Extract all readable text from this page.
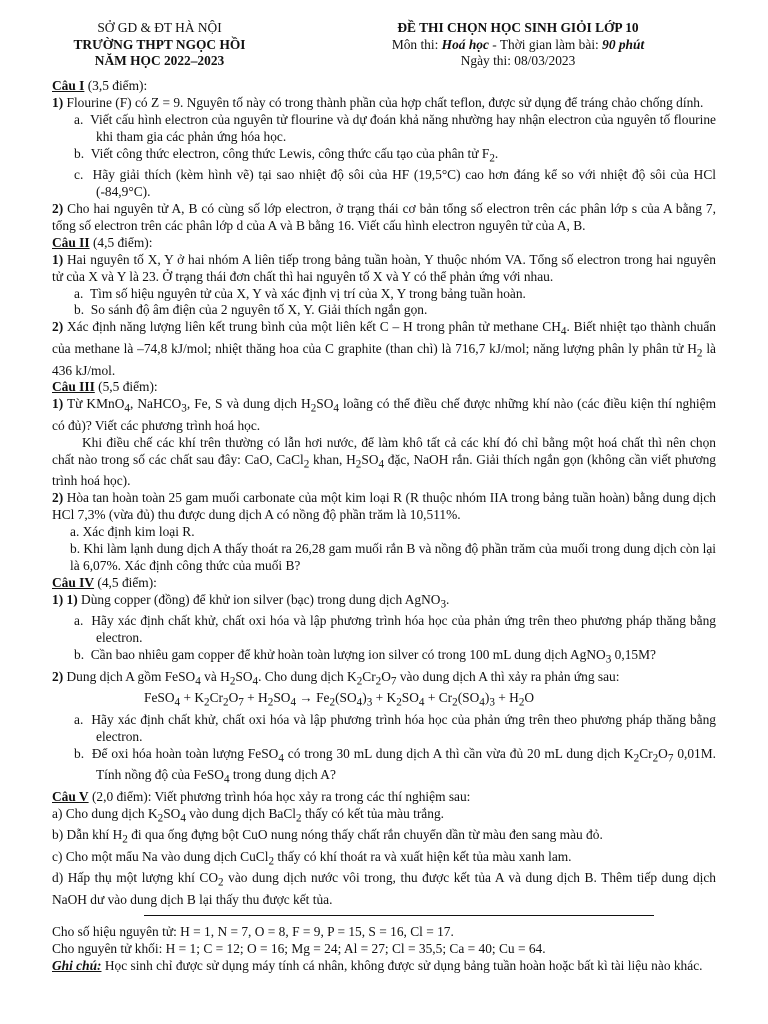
SỞ GD & ĐT HÀ NỘI
TRƯỜNG THPT NGỌC HỒI
NĂM HỌC 2022–2023
ĐỀ THI CHỌN HỌC SINH GIỎI LỚP 10
Môn thi: Hoá học - Thời gian làm bài: 90 phút
Ngày thi: 08/03/2023

Câu I (3,5 điểm):

1) Flourine (F) có Z = 9. Nguyên tố này có trong thành phần của hợp chất teflon, được sử dụng để tráng chảo chống dính.

a.  Viết cấu hình electron của nguyên tử flourine và dự đoán khả năng nhường hay nhận electron của nguyên tố flourine khi tham gia các phản ứng hóa học.

b.  Viết công thức electron, công thức Lewis, công thức cấu tạo của phân tử $F_2$.

c.  Hãy giải thích (kèm hình vẽ) tại sao nhiệt độ sôi của HF (19,5°C) cao hơn đáng kể so với nhiệt độ sôi của HCl (-84,9°C).

2) Cho hai nguyên tử A, B có cùng số lớp electron, ở trạng thái cơ bản tổng số electron trên các phân lớp s của A bằng 7, tổng số electron trên các phân lớp d của A và B bằng 16. Viết cấu hình electron nguyên tử của A, B.

Câu II (4,5 điểm):

1) Hai nguyên tố X, Y ở hai nhóm A liên tiếp trong bảng tuần hoàn, Y thuộc nhóm VA. Tổng số electron trong hai nguyên tử của X và Y là 23. Ở trạng thái đơn chất thì hai nguyên tố X và Y có thể phản ứng với nhau.

a.  Tìm số hiệu nguyên tử của X, Y và xác định vị trí của X, Y trong bảng tuần hoàn.

b.  So sánh độ âm điện của 2 nguyên tố X, Y. Giải thích ngắn gọn.

2) Xác định năng lượng liên kết trung bình của một liên kết C – H trong phân tử methane $CH_4$. Biết nhiệt tạo thành chuẩn của methane là –74,8 kJ/mol; nhiệt thăng hoa của C graphite (than chì) là 716,7 kJ/mol; năng lượng phân ly phân tử $H_2$ là 436 kJ/mol.

Câu III (5,5 điểm):

1) Từ KMnO$_4$, NaHCO$_3$, Fe, S và dung dịch $H_2SO_4$ loãng có thể điều chế được những khí nào (các điều kiện thí nghiệm có đủ)? Viết các phương trình hoá học.

Khi điều chế các khí trên thường có lẫn hơi nước, để làm khô tất cả các khí đó chỉ bằng một hoá chất thì nên chọn chất nào trong số các chất sau đây: CaO, CaCl$_2$ khan, $H_2SO_4$ đặc, NaOH rắn. Giải thích ngắn gọn (không cần viết phương trình hoá học).

2) Hòa tan hoàn toàn 25 gam muối carbonate của một kim loại R (R thuộc nhóm IIA trong bảng tuần hoàn) bằng dung dịch HCl 7,3% (vừa đủ) thu được dung dịch A có nồng độ phần trăm là 10,511%.

a. Xác định kim loại R.

b. Khi làm lạnh dung dịch A thấy thoát ra 26,28 gam muối rắn B và nồng độ phần trăm của muối trong dung dịch còn lại là 6,07%. Xác định công thức của muối B?

Câu IV (4,5 điểm):

1) 1) Dùng copper (đồng) để khử ion silver (bạc) trong dung dịch AgNO$_3$.

a.  Hãy xác định chất khử, chất oxi hóa và lập phương trình hóa học của phản ứng trên theo phương pháp thăng bằng electron.

b.  Cần bao nhiêu gam copper để khử hoàn toàn lượng ion silver có trong 100 mL dung dịch AgNO$_3$ 0,15M?

2) Dung dịch A gồm FeSO$_4$ và $H_2SO_4$. Cho dung dịch $K_2Cr_2O_7$ vào dung dịch A thì xảy ra phản ứng sau:

FeSO$_4$ + $K_2Cr_2O_7 + H_2SO_4 \to Fe_2(SO_4)_3 + K_2SO_4 + Cr_2(SO_4)_3 + H_2O$

a.  Hãy xác định chất khử, chất oxi hóa và lập phương trình hóa học của phản ứng trên theo phương pháp thăng bằng electron.

b.  Để oxi hóa hoàn toàn lượng FeSO$_4$ có trong 30 mL dung dịch A thì cần vừa đủ 20 mL dung dịch $K_2Cr_2O_7$ 0,01M. Tính nồng độ của FeSO$_4$ trong dung dịch A?

Câu V (2,0 điểm): Viết phương trình hóa học xảy ra trong các thí nghiệm sau:

a) Cho dung dịch $K_2SO_4$ vào dung dịch BaCl$_2$ thấy có kết tủa màu trắng.

b) Dẫn khí $H_2$ đi qua ống đựng bột CuO nung nóng thấy chất rắn chuyển dần từ màu đen sang màu đỏ.

c) Cho một mẩu Na vào dung dịch CuCl$_2$ thấy có khí thoát ra và xuất hiện kết tủa màu xanh lam.

d) Hấp thụ một lượng khí $CO_2$ vào dung dịch nước vôi trong, thu được kết tủa A và dung dịch B. Thêm tiếp dung dịch NaOH dư vào dung dịch B lại thấy thu được kết tủa.

Cho số hiệu nguyên tử: H = 1, N = 7, O = 8, F = 9, P = 15, S = 16, Cl = 17.

Cho nguyên tử khối: H = 1; C = 12; O = 16; Mg = 24; Al = 27; Cl = 35,5; Ca = 40; Cu = 64.

Ghi chú: Học sinh chỉ được sử dụng máy tính cá nhân, không được sử dụng bảng tuần hoàn hoặc bất kì tài liệu nào khác.
